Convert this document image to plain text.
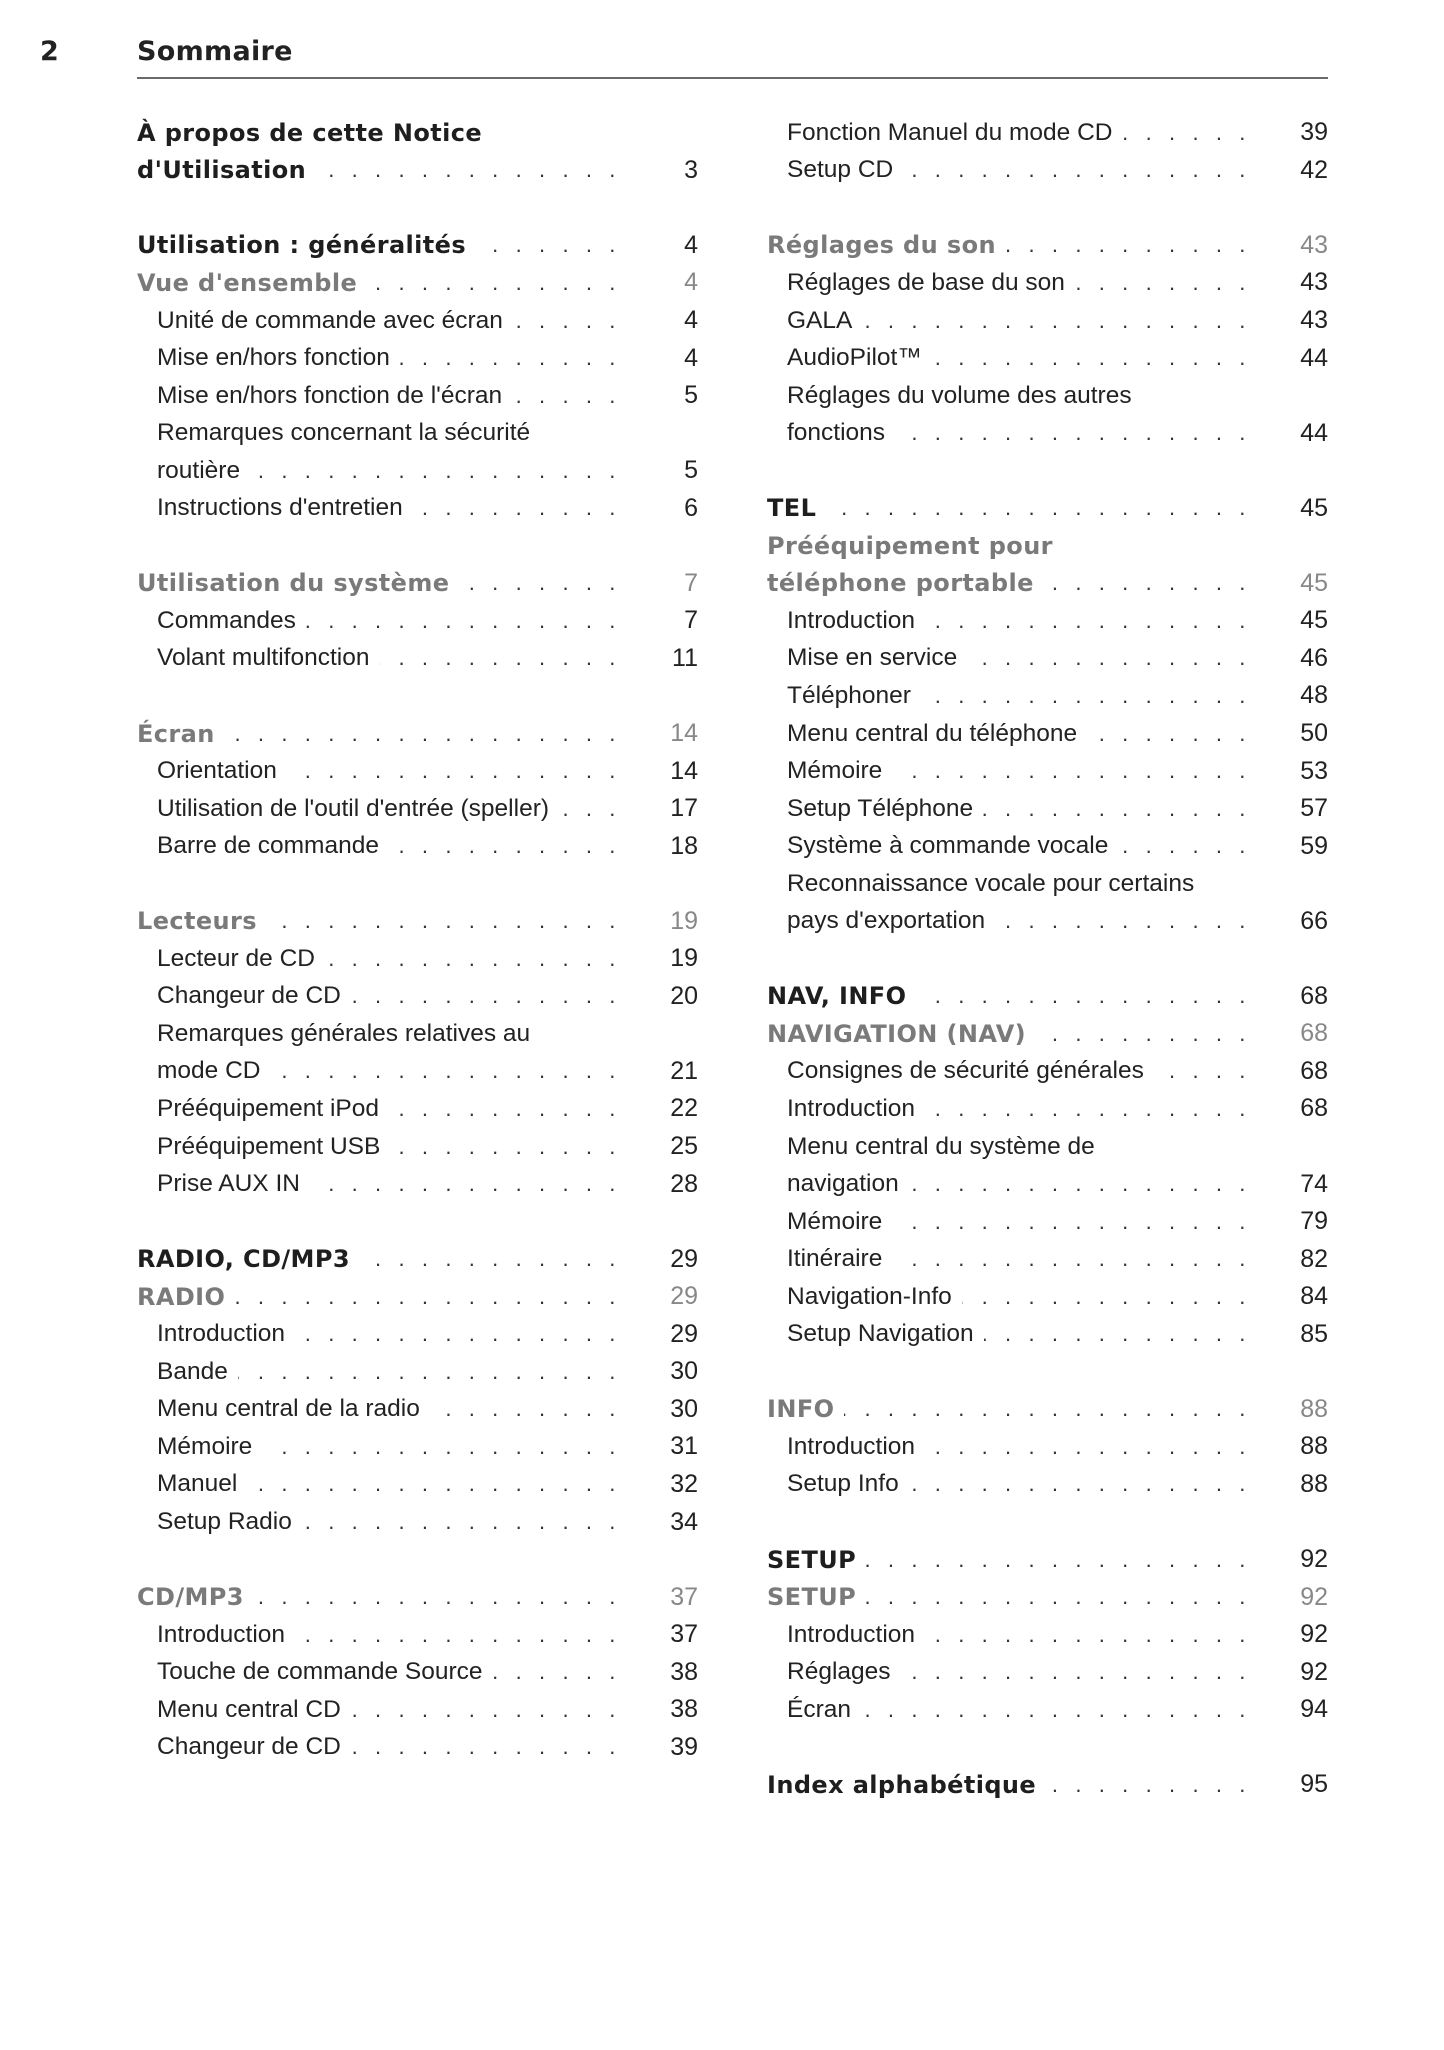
2	Sommaire
À propos de cette Notice
d'Utilisation . . .	3
Utilisation : généralités . . .	4
Vue d'ensemble . . .	4
Unité de commande avec écran . . .	4
Mise en/hors fonction . . .	4
Mise en/hors fonction de l'écran . . .	5
Remarques concernant la sécurité
routière . . .	5
Instructions d'entretien . . .	6
Utilisation du système . . .	7
Commandes . . .	7
Volant multifonction . . .	11
Écran . . .	14
Orientation . . .	14
Utilisation de l'outil d'entrée (speller) . . .	17
Barre de commande . . .	18
Lecteurs . . .	19
Lecteur de CD . . .	19
Changeur de CD . . .	20
Remarques générales relatives au
mode CD . . .	21
Prééquipement iPod . . .	22
Prééquipement USB . . .	25
Prise AUX IN . . .	28
RADIO, CD/MP3 . . .	29
RADIO . . .	29
Introduction . . .	29
Bande . . .	30
Menu central de la radio . . .	30
Mémoire . . .	31
Manuel . . .	32
Setup Radio . . .	34
CD/MP3 . . .	37
Introduction . . .	37
Touche de commande Source . . .	38
Menu central CD . . .	38
Changeur de CD . . .	39
Fonction Manuel du mode CD . . .	39
Setup CD . . .	42
Réglages du son . . .	43
Réglages de base du son . . .	43
GALA . . .	43
AudioPilot™ . . .	44
Réglages du volume des autres
fonctions . . .	44
TEL . . .	45
Prééquipement pour
téléphone portable . . .	45
Introduction . . .	45
Mise en service . . .	46
Téléphoner . . .	48
Menu central du téléphone . . .	50
Mémoire . . .	53
Setup Téléphone . . .	57
Système à commande vocale . . .	59
Reconnaissance vocale pour certains
pays d'exportation . . .	66
NAV, INFO . . .	68
NAVIGATION (NAV) . . .	68
Consignes de sécurité générales . . .	68
Introduction . . .	68
Menu central du système de
navigation . . .	74
Mémoire . . .	79
Itinéraire . . .	82
Navigation-Info . . .	84
Setup Navigation . . .	85
INFO . . .	88
Introduction . . .	88
Setup Info . . .	88
SETUP . . .	92
SETUP . . .	92
Introduction . . .	92
Réglages . . .	92
Écran . . .	94
Index alphabétique . . .	95
